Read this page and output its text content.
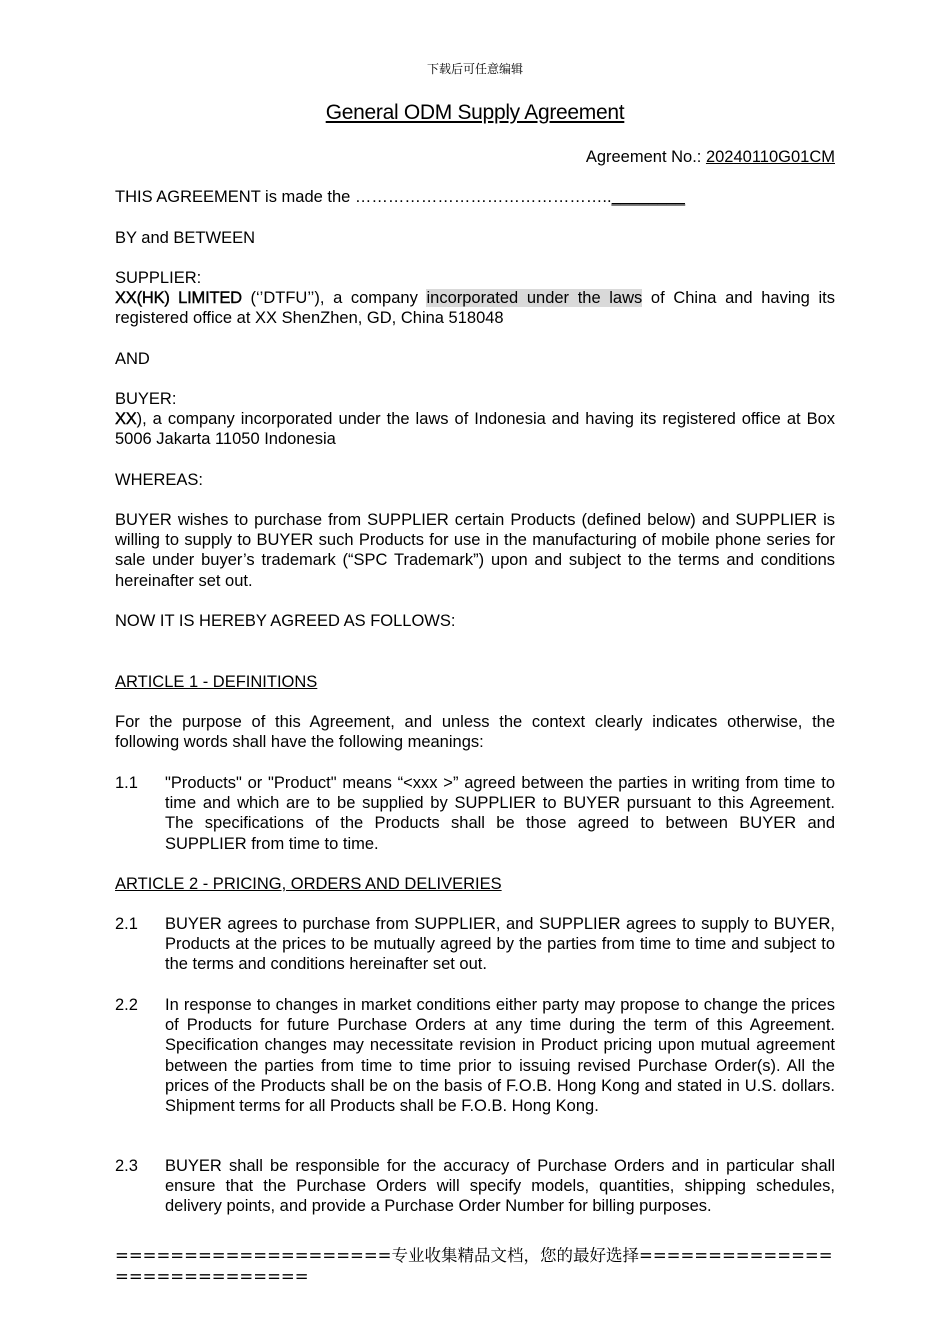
下载后可任意编辑
General ODM Supply Agreement
Agreement No.: 20240110G01CM
THIS AGREEMENT is made the ………………………………………..________
BY and BETWEEN
SUPPLIER:
XX(HK) LIMITED (‘’DTFU’’), a company incorporated under the laws of China and having its registered office at XX ShenZhen, GD, China 518048
AND
BUYER:
XX), a company incorporated under the laws of Indonesia and having its registered office at Box 5006 Jakarta 11050 Indonesia
WHEREAS:
BUYER wishes to purchase from SUPPLIER certain Products (defined below) and SUPPLIER is willing to supply to BUYER such Products for use in the manufacturing of mobile phone series for sale under buyer’s trademark (“SPC Trademark”) upon and subject to the terms and conditions hereinafter set out.
NOW IT IS HEREBY AGREED AS FOLLOWS:
ARTICLE 1 - DEFINITIONS
For the purpose of this Agreement, and unless the context clearly indicates otherwise, the following words shall have the following meanings:
1.1 "Products" or "Product" means “<xxx >” agreed between the parties in writing from time to time and which are to be supplied by SUPPLIER to BUYER pursuant to this Agreement. The specifications of the Products shall be those agreed to between BUYER and SUPPLIER from time to time.
ARTICLE 2 - PRICING, ORDERS AND DELIVERIES
2.1 BUYER agrees to purchase from SUPPLIER, and SUPPLIER agrees to supply to BUYER, Products at the prices to be mutually agreed by the parties from time to time and subject to the terms and conditions hereinafter set out.
2.2 In response to changes in market conditions either party may propose to change the prices of Products for future Purchase Orders at any time during the term of this Agreement. Specification changes may necessitate revision in Product pricing upon mutual agreement between the parties from time to time prior to issuing revised Purchase Order(s). All the prices of the Products shall be on the basis of F.O.B. Hong Kong and stated in U.S. dollars. Shipment terms for all Products shall be F.O.B. Hong Kong.
2.3 BUYER shall be responsible for the accuracy of Purchase Orders and in particular shall ensure that the Purchase Orders will specify models, quantities, shipping schedules, delivery points, and provide a Purchase Order Number for billing purposes.
====================专业收集精品文档，您的最好选择============================
